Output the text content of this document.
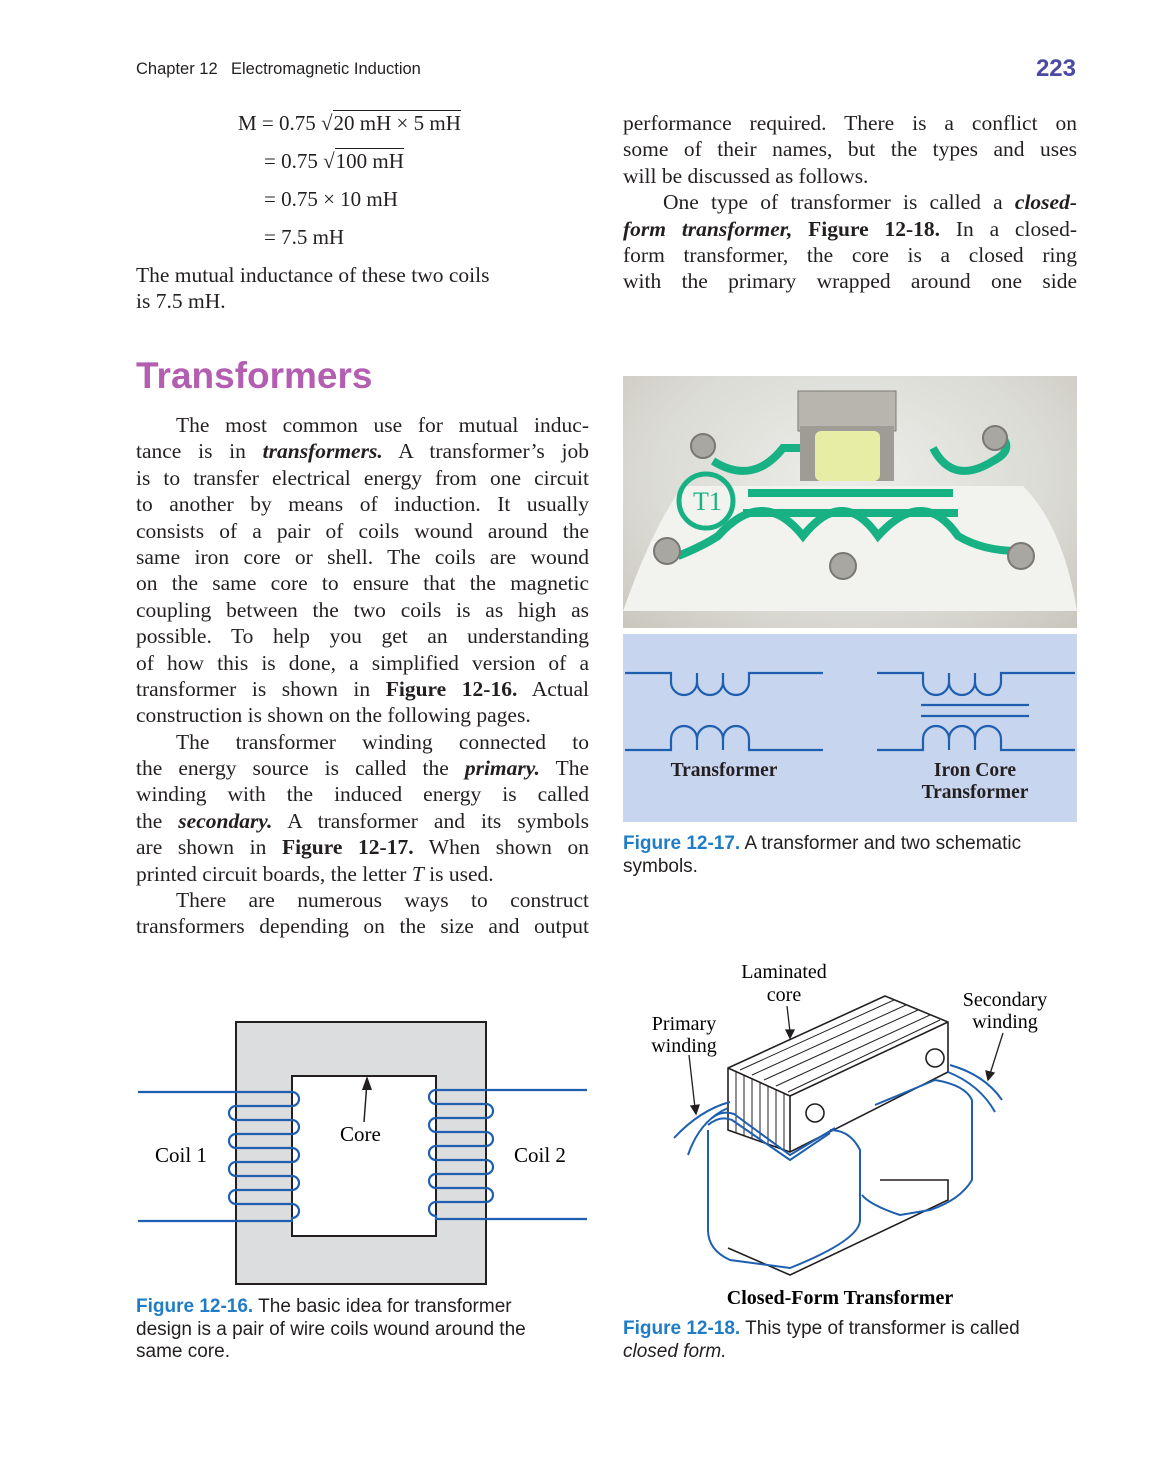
Chapter 12 Electromagnetic Induction	223
M = 0.75 √20 mH × 5 mH
= 0.75 √100 mH
= 0.75 × 10 mH
= 7.5 mH
The mutual inductance of these two coils
is 7.5 mH.
Transformers
The most common use for mutual induc-
tance is in transformers. A transformer’s job
is to transfer electrical energy from one circuit
to another by means of induction. It usually
consists of a pair of coils wound around the
same iron core or shell. The coils are wound
on the same core to ensure that the magnetic
coupling between the two coils is as high as
possible. To help you get an understanding
of how this is done, a simplified version of a
transformer is shown in Figure 12-16. Actual
construction is shown on the following pages.
The transformer winding connected to
the energy source is called the primary. The
winding with the induced energy is called
the secondary. A transformer and its symbols
are shown in Figure 12-17. When shown on
printed circuit boards, the letter T is used.
There are numerous ways to construct
transformers depending on the size and output
performance required. There is a conflict on
some of their names, but the types and uses
will be discussed as follows.
One type of transformer is called a closed-
form transformer, Figure 12-18. In a closed-
form transformer, the core is a closed ring
with the primary wrapped around one side
T1
Transformer	Iron Core
Transformer
Figure 12-17. A transformer and two schematic
symbols.
Coil 1
Core
Coil 2
Figure 12-16. The basic idea for transformer
design is a pair of wire coils wound around the
same core.
Laminated
core
Primary
winding
Secondary
winding
Closed-Form Transformer
Figure 12-18. This type of transformer is called
closed form.
